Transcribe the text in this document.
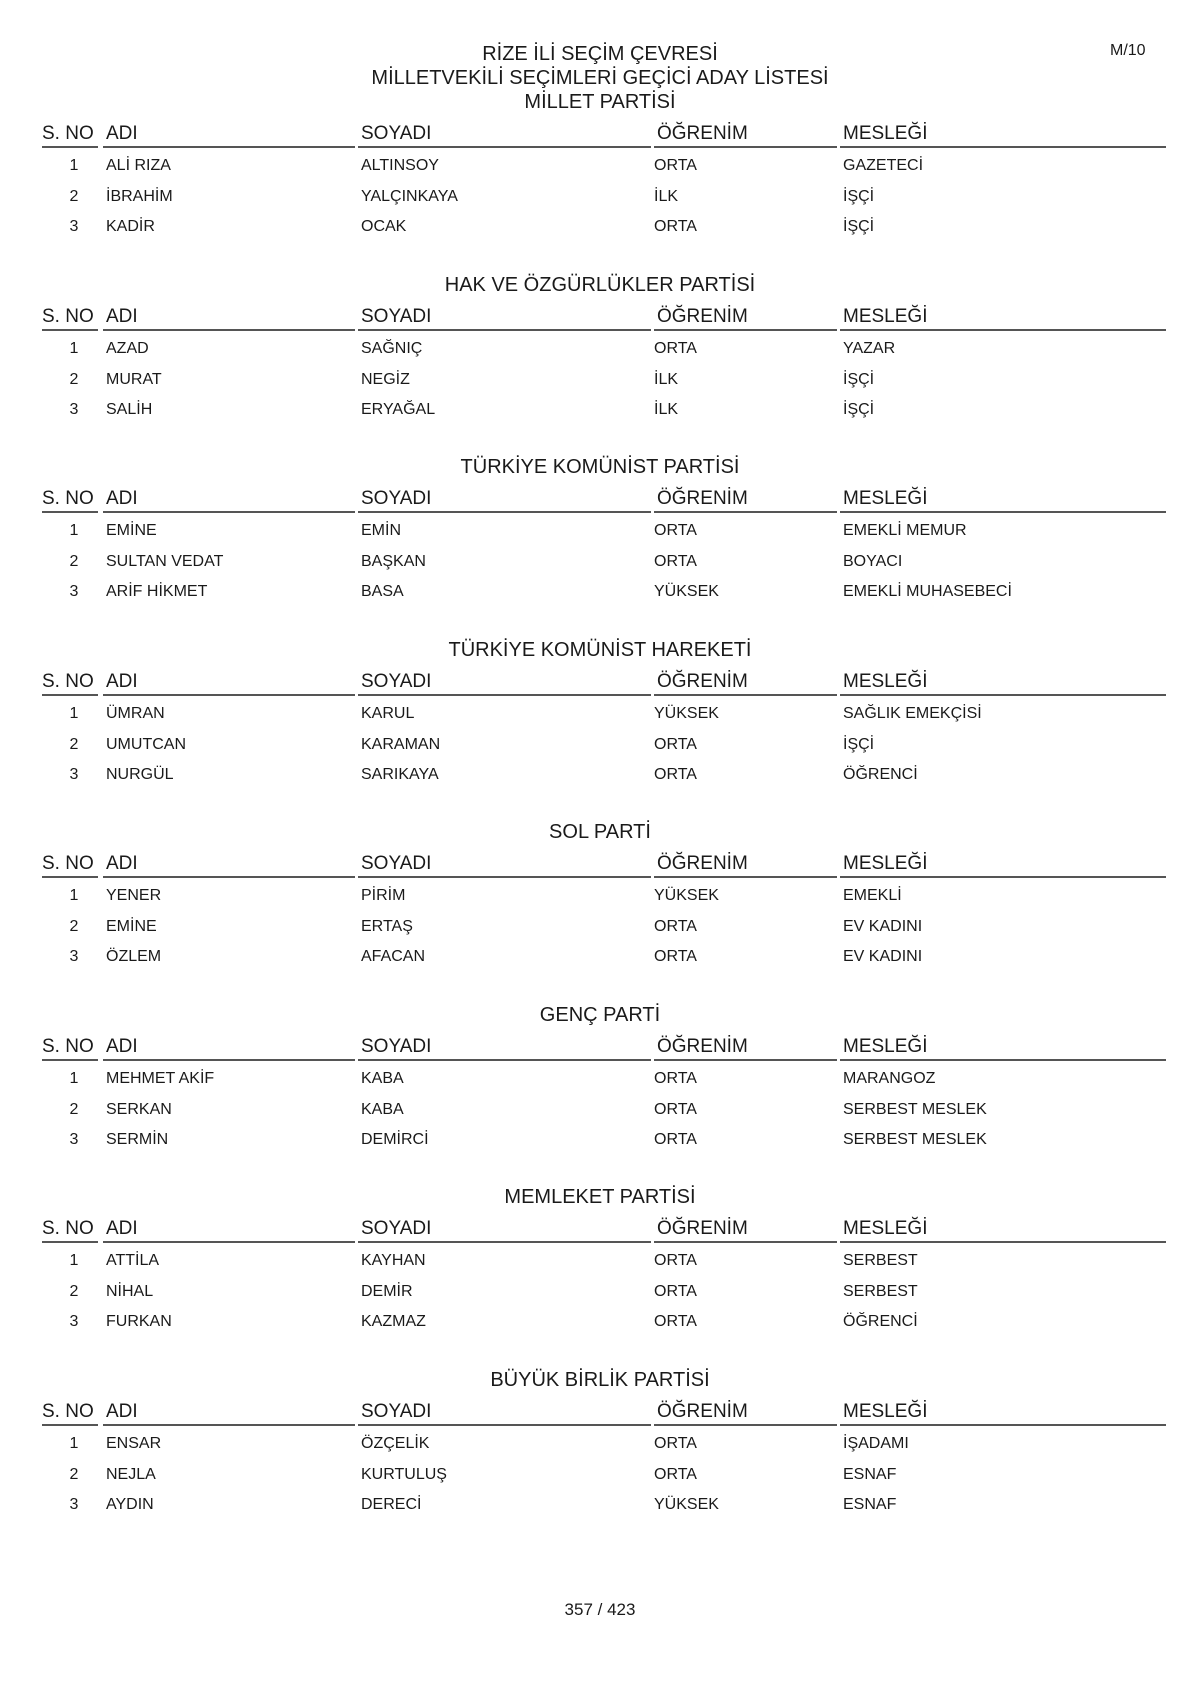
M/10
RİZE İLİ SEÇİM ÇEVRESİ
MİLLETVEKİLİ SEÇİMLERİ GEÇİCİ ADAY LİSTESİ
MİLLET PARTİSİ
S. NO ADI	SOYADI	ÖĞRENİM	MESLEĞİ
1	ALİ RIZA	ALTINSOY	ORTA	GAZETECİ
2	İBRAHİM	YALÇINKAYA	İLK	İŞÇİ
3	KADİR	OCAK	ORTA	İŞÇİ
HAK VE ÖZGÜRLÜKLER PARTİSİ
S. NO ADI	SOYADI	ÖĞRENİM	MESLEĞİ
1	AZAD	SAĞNIÇ	ORTA	YAZAR
2	MURAT	NEGİZ	İLK	İŞÇİ
3	SALİH	ERYAĞAL	İLK	İŞÇİ
TÜRKİYE KOMÜNİST PARTİSİ
S. NO ADI	SOYADI	ÖĞRENİM	MESLEĞİ
1	EMİNE	EMİN	ORTA	EMEKLİ MEMUR
2	SULTAN VEDAT	BAŞKAN	ORTA	BOYACI
3	ARİF HİKMET	BASA	YÜKSEK	EMEKLİ MUHASEBECİ
TÜRKİYE KOMÜNİST HAREKETİ
S. NO ADI	SOYADI	ÖĞRENİM	MESLEĞİ
1	ÜMRAN	KARUL	YÜKSEK	SAĞLIK EMEKÇİSİ
2	UMUTCAN	KARAMAN	ORTA	İŞÇİ
3	NURGÜL	SARIKAYA	ORTA	ÖĞRENCİ
SOL PARTİ
S. NO ADI	SOYADI	ÖĞRENİM	MESLEĞİ
1	YENER	PİRİM	YÜKSEK	EMEKLİ
2	EMİNE	ERTAŞ	ORTA	EV KADINI
3	ÖZLEM	AFACAN	ORTA	EV KADINI
GENÇ PARTİ
S. NO ADI	SOYADI	ÖĞRENİM	MESLEĞİ
1	MEHMET AKİF	KABA	ORTA	MARANGOZ
2	SERKAN	KABA	ORTA	SERBEST MESLEK
3	SERMİN	DEMİRCİ	ORTA	SERBEST MESLEK
MEMLEKET PARTİSİ
S. NO ADI	SOYADI	ÖĞRENİM	MESLEĞİ
1	ATTİLA	KAYHAN	ORTA	SERBEST
2	NİHAL	DEMİR	ORTA	SERBEST
3	FURKAN	KAZMAZ	ORTA	ÖĞRENCİ
BÜYÜK BİRLİK PARTİSİ
S. NO ADI	SOYADI	ÖĞRENİM	MESLEĞİ
1	ENSAR	ÖZÇELİK	ORTA	İŞADAMI
2	NEJLA	KURTULUŞ	ORTA	ESNAF
3	AYDIN	DERECİ	YÜKSEK	ESNAF
357 / 423
